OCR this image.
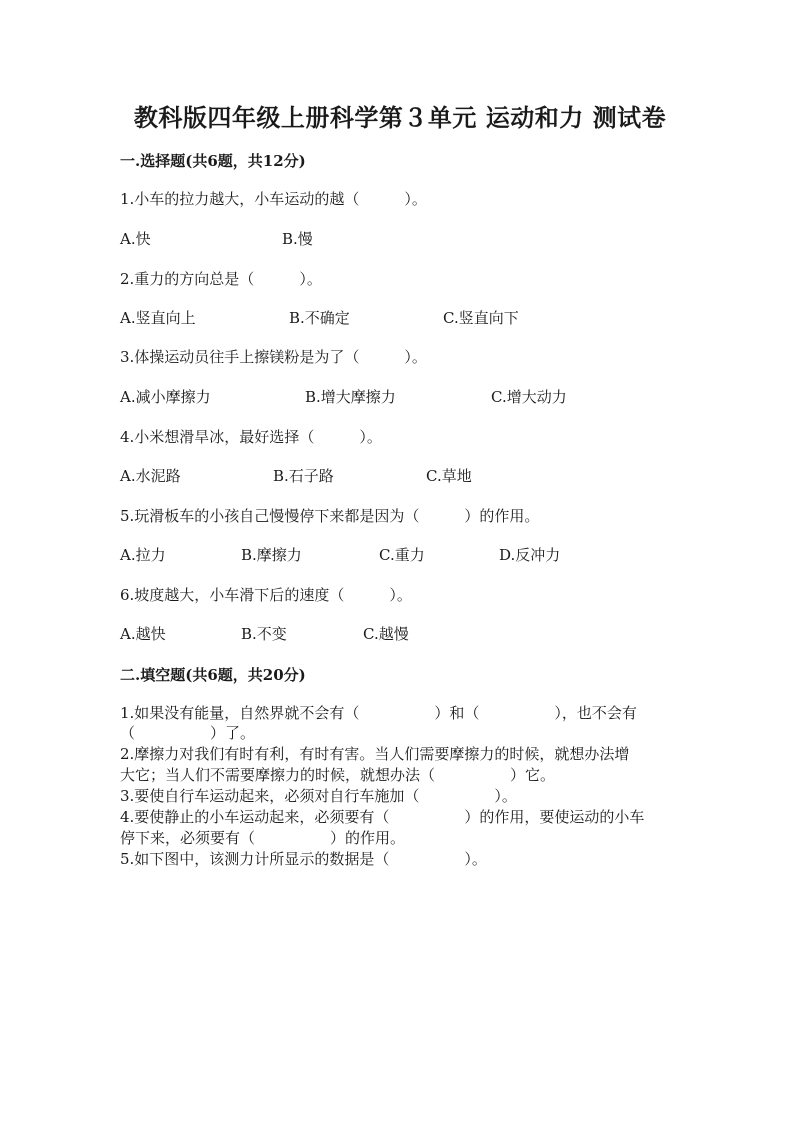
教科版四年级上册科学第３单元 运动和力 测试卷
一.选择题(共6题，共12分)
1.小车的拉力越大，小车运动的越（　　　）。
A.快	B.慢
2.重力的方向总是（　　　）。
A.竖直向上	B.不确定	C.竖直向下
3.体操运动员往手上擦镁粉是为了（　　　）。
A.减小摩擦力	B.增大摩擦力	C.增大动力
4.小米想滑旱冰，最好选择（　　　）。
A.水泥路	B.石子路	C.草地
5.玩滑板车的小孩自己慢慢停下来都是因为（　　　）的作用。
A.拉力	B.摩擦力	C.重力	D.反冲力
6.坡度越大，小车滑下后的速度（　　　）。
A.越快	B.不变	C.越慢
二.填空题(共6题，共20分)
1.如果没有能量，自然界就不会有（　　　　　）和（　　　　　），也不会有
（　　　　　）了。
2.摩擦力对我们有时有利，有时有害。当人们需要摩擦力的时候，就想办法增
大它；当人们不需要摩擦力的时候，就想办法（　　　　　）它。
3.要使自行车运动起来，必须对自行车施加（　　　　　）。
4.要使静止的小车运动起来，必须要有（　　　　　）的作用，要使运动的小车
停下来，必须要有（　　　　　）的作用。
5.如下图中，该测力计所显示的数据是（　　　　　）。
